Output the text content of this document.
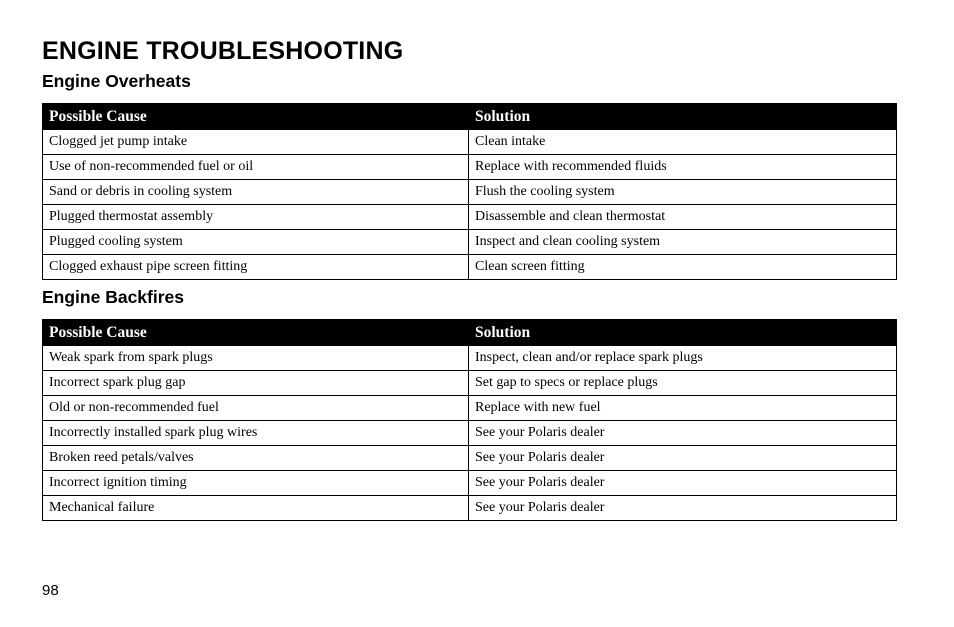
ENGINE TROUBLESHOOTING
Engine Overheats
Possible Cause	Solution
Clogged jet pump intake	Clean intake
Use of non-recommended fuel or oil	Replace with recommended fluids
Sand or debris in cooling system	Flush the cooling system
Plugged thermostat assembly	Disassemble and clean thermostat
Plugged cooling system	Inspect and clean cooling system
Clogged exhaust pipe screen fitting	Clean screen fitting
Engine Backfires
Possible Cause	Solution
Weak spark from spark plugs	Inspect, clean and/or replace spark plugs
Incorrect spark plug gap	Set gap to specs or replace plugs
Old or non-recommended fuel	Replace with new fuel
Incorrectly installed spark plug wires	See your Polaris dealer
Broken reed petals/valves	See your Polaris dealer
Incorrect ignition timing	See your Polaris dealer
Mechanical failure	See your Polaris dealer
98
